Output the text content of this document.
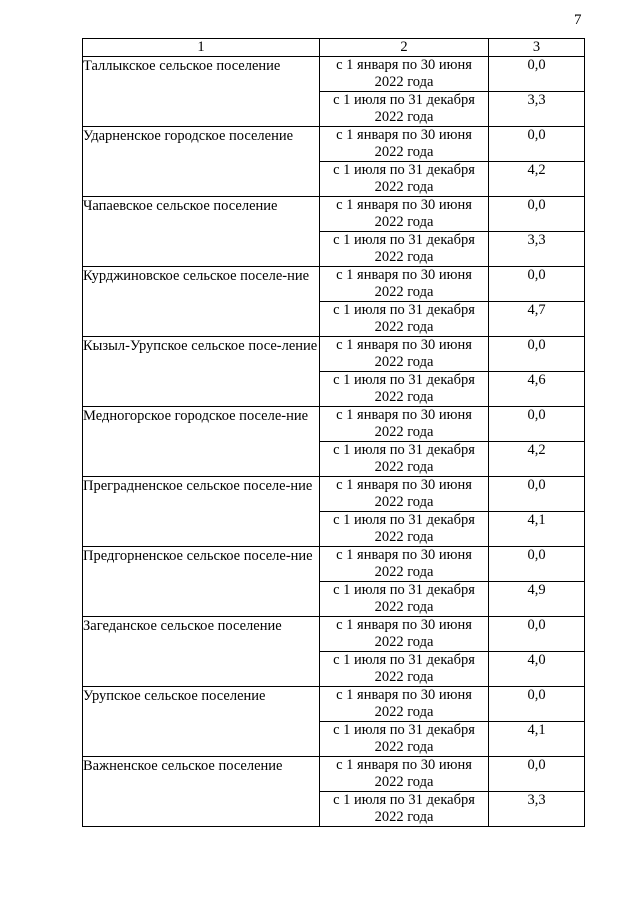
7
1	2	3
Таллыкское сельское поселение	с 1 января по 30 июня 2022 года	0,0
	с 1 июля по 31 декабря 2022 года	3,3
Ударненское городское поселение	с 1 января по 30 июня 2022 года	0,0
	с 1 июля по 31 декабря 2022 года	4,2
Чапаевское сельское поселение	с 1 января по 30 июня 2022 года	0,0
	с 1 июля по 31 декабря 2022 года	3,3
Курджиновское сельское поселе-ние	с 1 января по 30 июня 2022 года	0,0
	с 1 июля по 31 декабря 2022 года	4,7
Кызыл-Урупское сельское посе-ление	с 1 января по 30 июня 2022 года	0,0
	с 1 июля по 31 декабря 2022 года	4,6
Медногорское городское поселе-ние	с 1 января по 30 июня 2022 года	0,0
	с 1 июля по 31 декабря 2022 года	4,2
Преградненское сельское поселе-ние	с 1 января по 30 июня 2022 года	0,0
	с 1 июля по 31 декабря 2022 года	4,1
Предгорненское сельское поселе-ние	с 1 января по 30 июня 2022 года	0,0
	с 1 июля по 31 декабря 2022 года	4,9
Загеданское сельское поселение	с 1 января по 30 июня 2022 года	0,0
	с 1 июля по 31 декабря 2022 года	4,0
Урупское сельское поселение	с 1 января по 30 июня 2022 года	0,0
	с 1 июля по 31 декабря 2022 года	4,1
Важненское сельское поселение	с 1 января по 30 июня 2022 года	0,0
	с 1 июля по 31 декабря 2022 года	3,3
